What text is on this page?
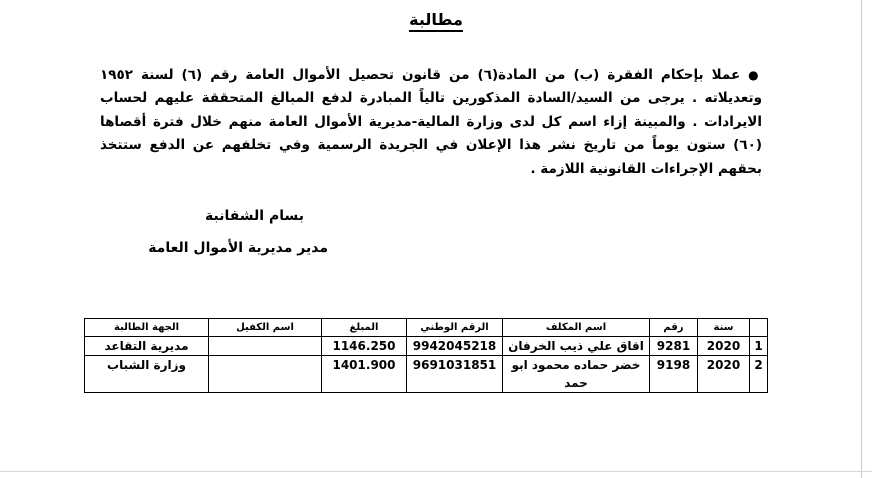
مطالبة
●عملا بإحكام الفقرة (ب) من المادة(٦) من قانون تحصيل الأموال العامة رقم (٦) لسنة ١٩٥٢ وتعديلاته . يرجى من السيد/السادة المذكورين تالياً المبادرة لدفع المبالغ المتحققة عليهم لحساب الايرادات . والمبينة إزاء اسم كل لدى وزارة المالية-مديرية الأموال العامة منهم خلال فترة أقصاها (٦٠) ستون يوماً من تاريخ نشر هذا الإعلان في الجريدة الرسمية وفي تخلفهم عن الدفع ستتخذ بحقهم الإجراءات القانونية اللازمة .
بسام الشفانبة
مدير مديرية الأموال العامة
	سنة	رقم	اسم المكلف	الرقم الوطني	المبلغ	اسم الكفيل	الجهة الطالبة
1	2020	9281	اقاق علي ذيب الخرفان	9942045218	1146.250		مديرية التقاعد
2	2020	9198	خضر حماده محمود ابو حمد	9691031851	1401.900		وزارة الشباب
